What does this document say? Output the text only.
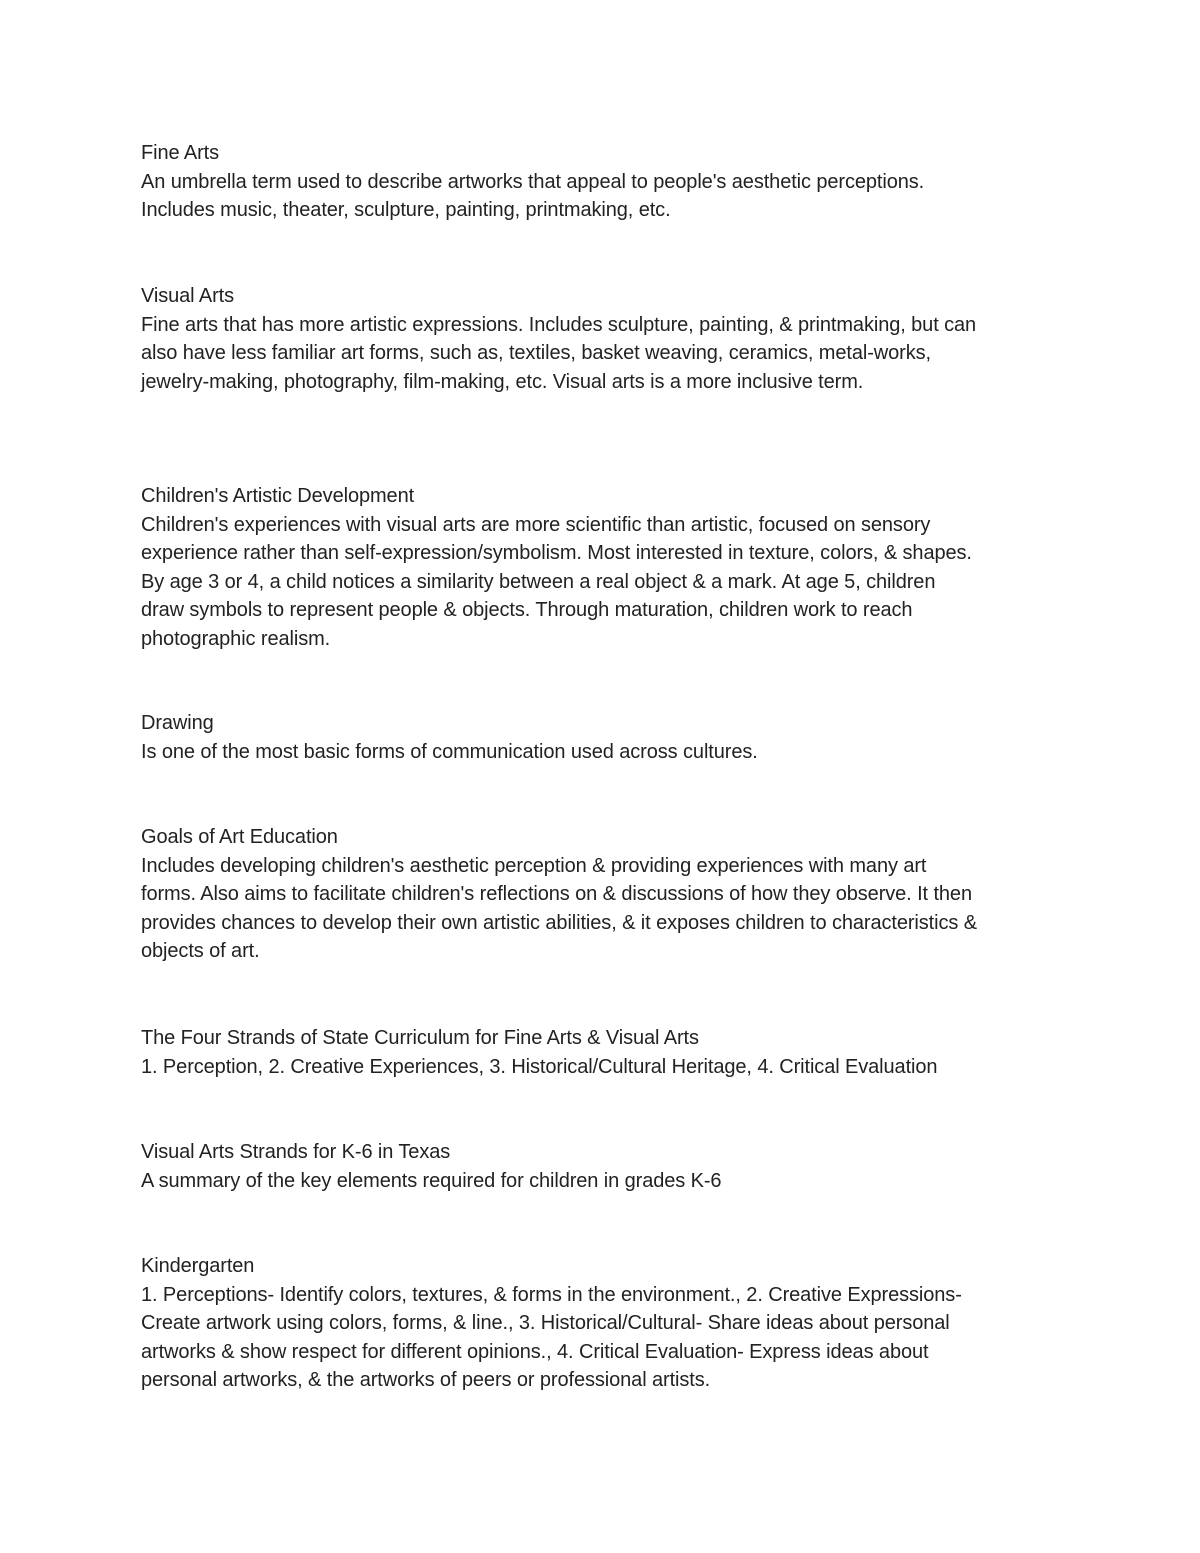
Fine Arts
An umbrella term used to describe artworks that appeal to people's aesthetic perceptions.
Includes music, theater, sculpture, painting, printmaking, etc.
Visual Arts
Fine arts that has more artistic expressions. Includes sculpture, painting, & printmaking, but can
also have less familiar art forms, such as, textiles, basket weaving, ceramics, metal-works,
jewelry-making, photography, film-making, etc. Visual arts is a more inclusive term.
Children's Artistic Development
Children's experiences with visual arts are more scientific than artistic, focused on sensory
experience rather than self-expression/symbolism. Most interested in texture, colors, & shapes.
By age 3 or 4, a child notices a similarity between a real object & a mark. At age 5, children
draw symbols to represent people & objects. Through maturation, children work to reach
photographic realism.
Drawing
Is one of the most basic forms of communication used across cultures.
Goals of Art Education
Includes developing children's aesthetic perception & providing experiences with many art
forms. Also aims to facilitate children's reflections on & discussions of how they observe. It then
provides chances to develop their own artistic abilities, & it exposes children to characteristics &
objects of art.
The Four Strands of State Curriculum for Fine Arts & Visual Arts
1. Perception, 2. Creative Experiences, 3. Historical/Cultural Heritage, 4. Critical Evaluation
Visual Arts Strands for K-6 in Texas
A summary of the key elements required for children in grades K-6
Kindergarten
1. Perceptions- Identify colors, textures, & forms in the environment., 2. Creative Expressions-
Create artwork using colors, forms, & line., 3. Historical/Cultural- Share ideas about personal
artworks & show respect for different opinions., 4. Critical Evaluation- Express ideas about
personal artworks, & the artworks of peers or professional artists.
